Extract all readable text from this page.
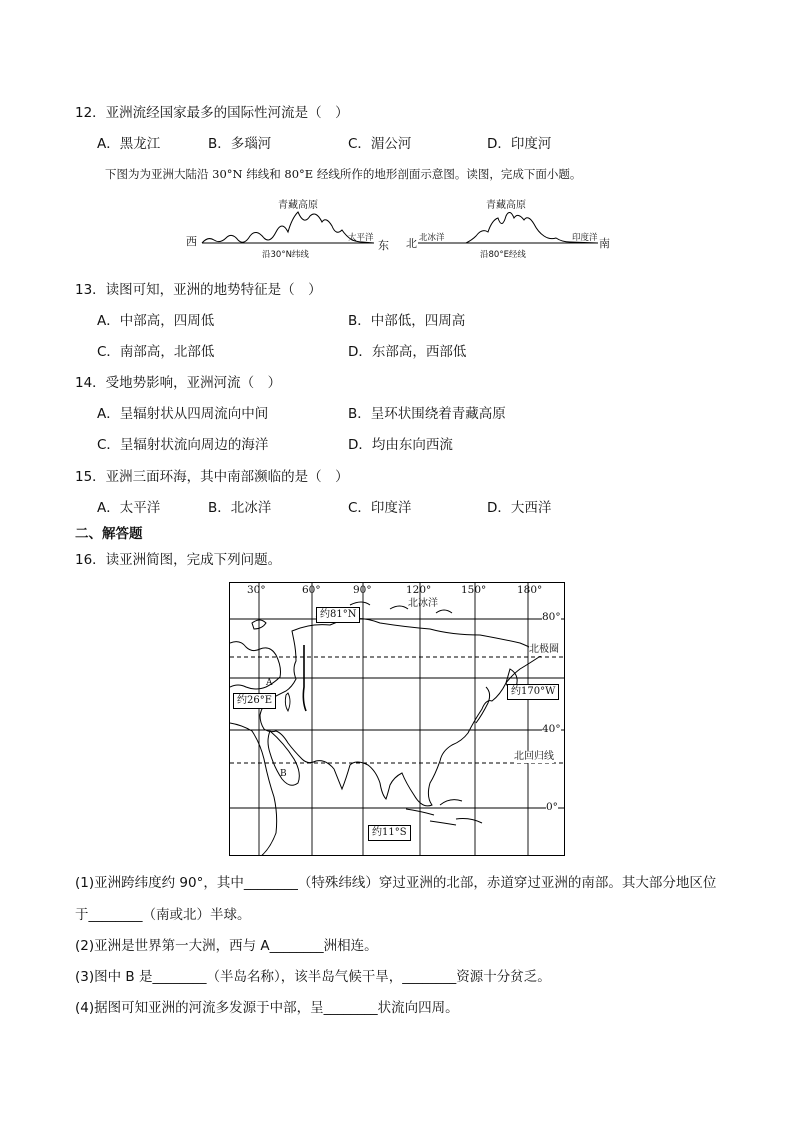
12．亚洲流经国家最多的国际性河流是（　）
A．黑龙江	B．多瑙河	C．湄公河	D．印度河
下图为为亚洲大陆沿 30°N 纬线和 80°E 经线所作的地形剖面示意图。读图，完成下面小题。
青藏高原
西	东
太平洋
沿30°N纬线
青藏高原
北	南
北冰洋	印度洋
沿80°E经线
13．读图可知，亚洲的地势特征是（　）
A．中部高，四周低	B．中部低，四周高
C．南部高，北部低	D．东部高，西部低
14．受地势影响，亚洲河流（　）
A．呈辐射状从四周流向中间	B．呈环状围绕着青藏高原
C．呈辐射状流向周边的海洋	D．均由东向西流
15．亚洲三面环海，其中南部濒临的是（　）
A．太平洋	B．北冰洋	C．印度洋	D．大西洋
二、解答题
16．读亚洲简图，完成下列问题。
30°	60°	90°	120°	150°	180°
80°
40°
0°
北冰洋
北极圈
北回归线
约81°N
约26°E
约170°W
约11°S
A
B
(1)亚洲跨纬度约 90°，其中________（特殊纬线）穿过亚洲的北部，赤道穿过亚洲的南部。其大部分地区位
于________（南或北）半球。
(2)亚洲是世界第一大洲，西与 A________洲相连。
(3)图中 B 是________（半岛名称），该半岛气候干旱，________资源十分贫乏。
(4)据图可知亚洲的河流多发源于中部，呈________状流向四周。
